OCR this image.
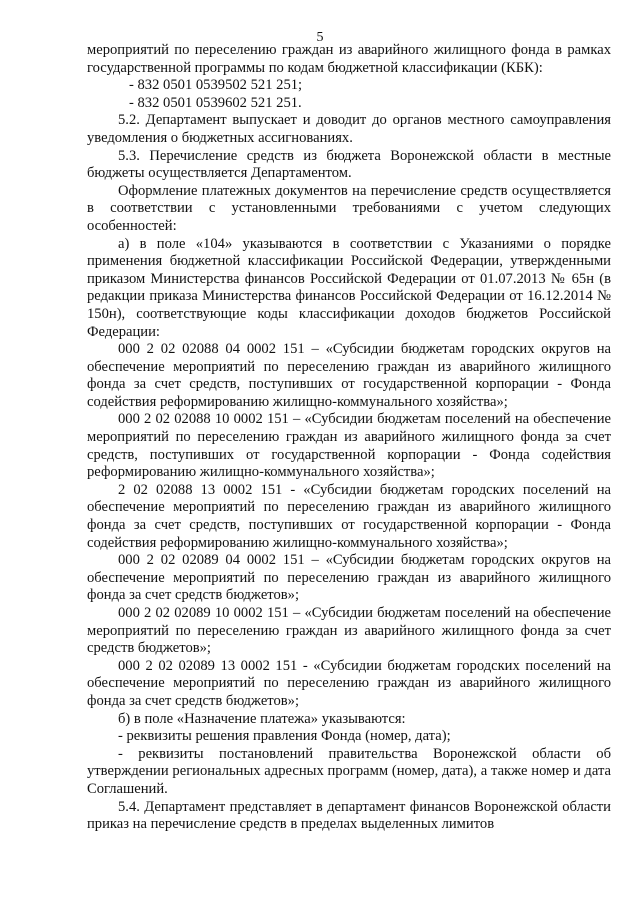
5

мероприятий по переселению граждан из аварийного жилищного фонда в рамках государственной программы по кодам бюджетной классификации (КБК):

- 832 0501 0539502 521 251;

- 832 0501 0539602 521 251.

5.2. Департамент выпускает и доводит до органов местного самоуправления уведомления о бюджетных ассигнованиях.

5.3. Перечисление средств из бюджета Воронежской области в местные бюджеты осуществляется Департаментом.

Оформление платежных документов на перечисление средств осуществляется в соответствии с установленными требованиями с учетом следующих особенностей:

а) в поле «104» указываются в соответствии с Указаниями о порядке применения бюджетной классификации Российской Федерации, утвержденными приказом Министерства финансов Российской Федерации от 01.07.2013 № 65н (в редакции приказа Министерства финансов Российской Федерации от 16.12.2014 № 150н), соответствующие коды классификации доходов бюджетов Российской Федерации:

000 2 02 02088 04 0002 151 – «Субсидии бюджетам городских округов на обеспечение мероприятий по переселению граждан из аварийного жилищного фонда за счет средств, поступивших от государственной корпорации - Фонда содействия реформированию жилищно-коммунального хозяйства»;

000 2 02 02088 10 0002 151 – «Субсидии бюджетам поселений на обеспечение мероприятий по переселению граждан из аварийного жилищного фонда за счет средств, поступивших от государственной корпорации - Фонда содействия реформированию жилищно-коммунального хозяйства»;

2 02 02088 13 0002 151 - «Субсидии бюджетам городских поселений на обеспечение мероприятий по переселению граждан из аварийного жилищного фонда за счет средств, поступивших от государственной корпорации - Фонда содействия реформированию жилищно-коммунального хозяйства»;

000 2 02 02089 04 0002 151 – «Субсидии бюджетам городских округов на обеспечение мероприятий по переселению граждан из аварийного жилищного фонда за счет средств бюджетов»;

000 2 02 02089 10 0002 151 – «Субсидии бюджетам поселений на обеспечение мероприятий по переселению граждан из аварийного жилищного фонда за счет средств бюджетов»;

000 2 02 02089 13 0002 151 - «Субсидии бюджетам городских поселений на обеспечение мероприятий по переселению граждан из аварийного жилищного фонда за счет средств бюджетов»;

б) в поле «Назначение платежа» указываются:

- реквизиты решения правления Фонда (номер, дата);

- реквизиты постановлений правительства Воронежской области об утверждении региональных адресных программ (номер, дата), а также номер и дата Соглашений.

5.4. Департамент представляет в департамент финансов Воронежской области приказ на перечисление средств в пределах выделенных лимитов
